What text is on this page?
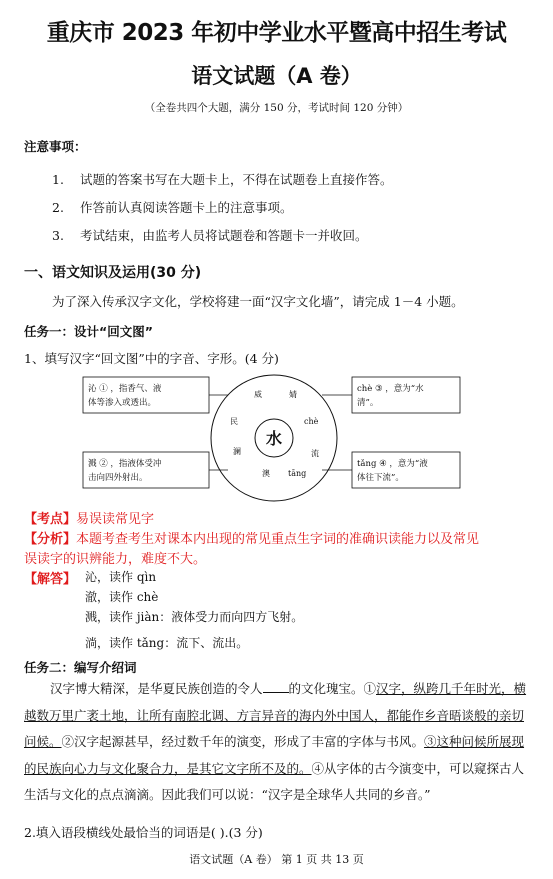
重庆市 2023 年初中学业水平暨高中招生考试
语文试题（A 卷）
（全卷共四个大题，满分 150 分，考试时间 120 分钟）
注意事项：
1. 试题的答案书写在大题卡上，不得在试题卷上直接作答。
2. 作答前认真阅读答题卡上的注意事项。
3. 考试结束，由监考人员将试题卷和答题卡一并收回。
一、语文知识及运用(30 分)
为了深入传承汉字文化，学校将建一面“汉字文化墙”，请完成 1－4 小题。
任务一：设计“回文图”
1、填写汉字“回文图”中的字音、字形。(4 分)
水
威	婧
民
澜
澳
流
chè
tāng
沁 ① ，指香气、液
体等渗入或透出。
溅 ② ，指液体受冲
击向四外射出。
chè ③ ，意为“水
清”。
tǎng ④ ，意为“液
体往下流”。
【考点】易误读常见字
【分析】本题考查考生对课本内出现的常见重点生字词的准确识读能力以及常见
误读字的识辨能力，难度不大。
【解答】 沁，读作 qìn
澈，读作 chè
溅，读作 jiàn：液体受力而向四方飞射。
淌，读作 tǎng：流下、流出。
任务二：编写介绍词
汉字博大精深，是华夏民族创造的令人 的文化瑰宝。①汉字，纵跨几千年时光，横
越数万里广袤土地，让所有南腔北调、方言异音的海内外中国人，都能作乡音晤谈般的亲切
问候。②汉字起源甚早，经过数千年的演变，形成了丰富的字体与书风。③这种问候所展现
的民族向心力与文化聚合力，是其它文字所不及的。④从字体的古今演变中，可以窥探古人
生活与文化的点点滴滴。因此我们可以说：“汉字是全球华人共同的乡音。”
2.填入语段横线处最恰当的词语是( ).(3 分)
语文试题（A 卷） 第 1 页 共 13 页
